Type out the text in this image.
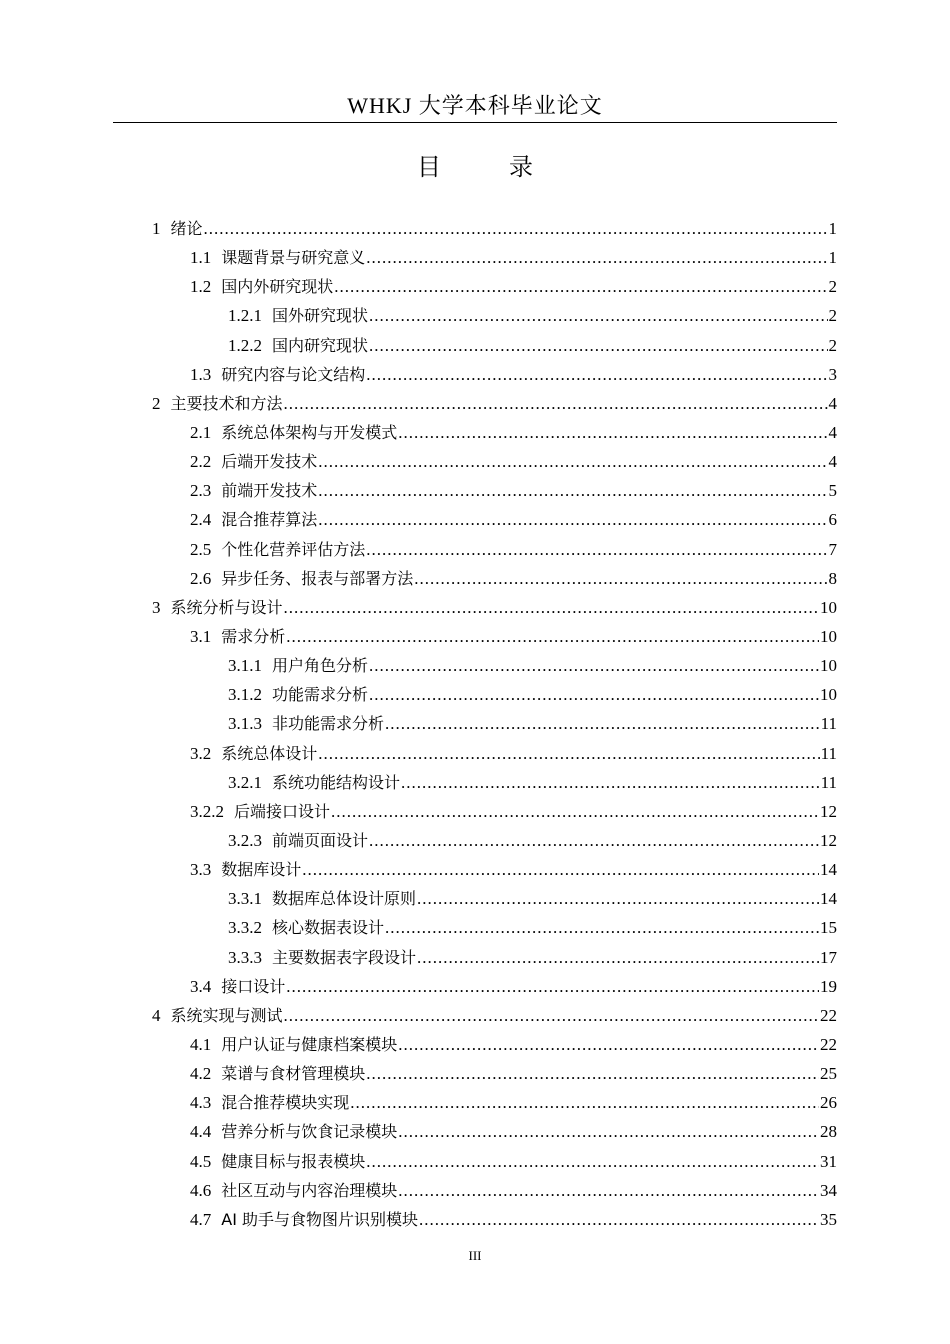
WHKJ 大学本科毕业论文
目　录
1 绪论 .....	1
1.1 课题背景与研究意义 .....	1
1.2 国内外研究现状 .....	2
1.2.1 国外研究现状 .....	2
1.2.2 国内研究现状 .....	2
1.3 研究内容与论文结构 .....	3
2 主要技术和方法 .....	4
2.1 系统总体架构与开发模式 .....	4
2.2 后端开发技术 .....	4
2.3 前端开发技术 .....	5
2.4 混合推荐算法 .....	6
2.5 个性化营养评估方法 .....	7
2.6 异步任务、报表与部署方法 .....	8
3 系统分析与设计 .....	10
3.1 需求分析 .....	10
3.1.1 用户角色分析 .....	10
3.1.2 功能需求分析 .....	10
3.1.3 非功能需求分析 .....	11
3.2 系统总体设计 .....	11
3.2.1 系统功能结构设计 .....	11
3.2.2 后端接口设计 .....	12
3.2.3 前端页面设计 .....	12
3.3 数据库设计 .....	14
3.3.1 数据库总体设计原则 .....	14
3.3.2 核心数据表设计 .....	15
3.3.3 主要数据表字段设计 .....	17
3.4 接口设计 .....	19
4 系统实现与测试 .....	22
4.1 用户认证与健康档案模块 .....	22
4.2 菜谱与食材管理模块 .....	25
4.3 混合推荐模块实现 .....	26
4.4 营养分析与饮食记录模块 .....	28
4.5 健康目标与报表模块 .....	31
4.6 社区互动与内容治理模块 .....	34
4.7 AI 助手与食物图片识别模块 .....	35
III
